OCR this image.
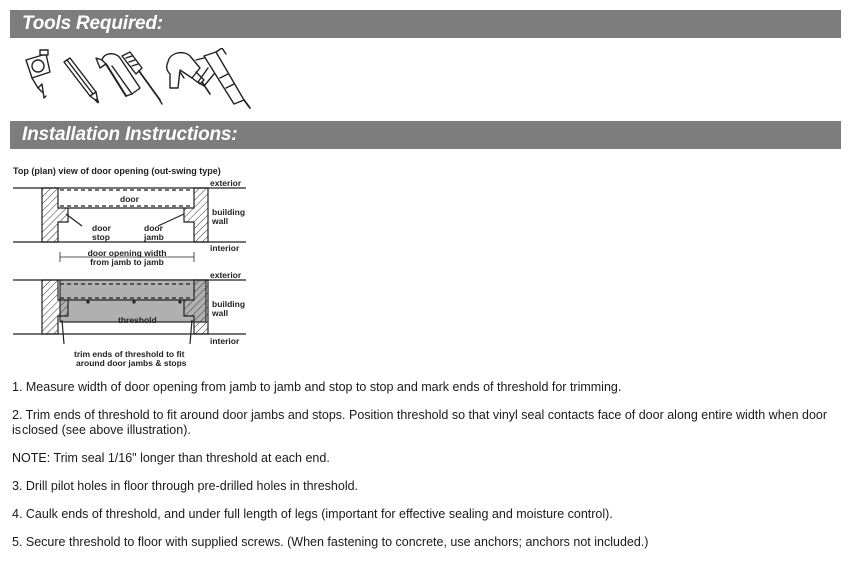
Tools Required:
Installation Instructions:
Top (plan) view of door opening (out-swing type)
exterior
door
building
wall
door
stop
door
jamb
interior
door opening width
from jamb to jamb
exterior
building
wall
threshold
interior
trim ends of threshold to fit
around door jambs & stops

1. Measure width of door opening from jamb to jamb and stop to stop and mark ends of threshold for trimming.

2. Trim ends of threshold to fit around door jambs and stops. Position threshold so that vinyl seal contacts face of door along entire width when door is closed (see above illustration).

NOTE: Trim seal 1/16" longer than threshold at each end.

3. Drill pilot holes in floor through pre-drilled holes in threshold.

4. Caulk ends of threshold, and under full length of legs (important for effective sealing and moisture control).

5. Secure threshold to floor with supplied screws. (When fastening to concrete, use anchors; anchors not included.)
